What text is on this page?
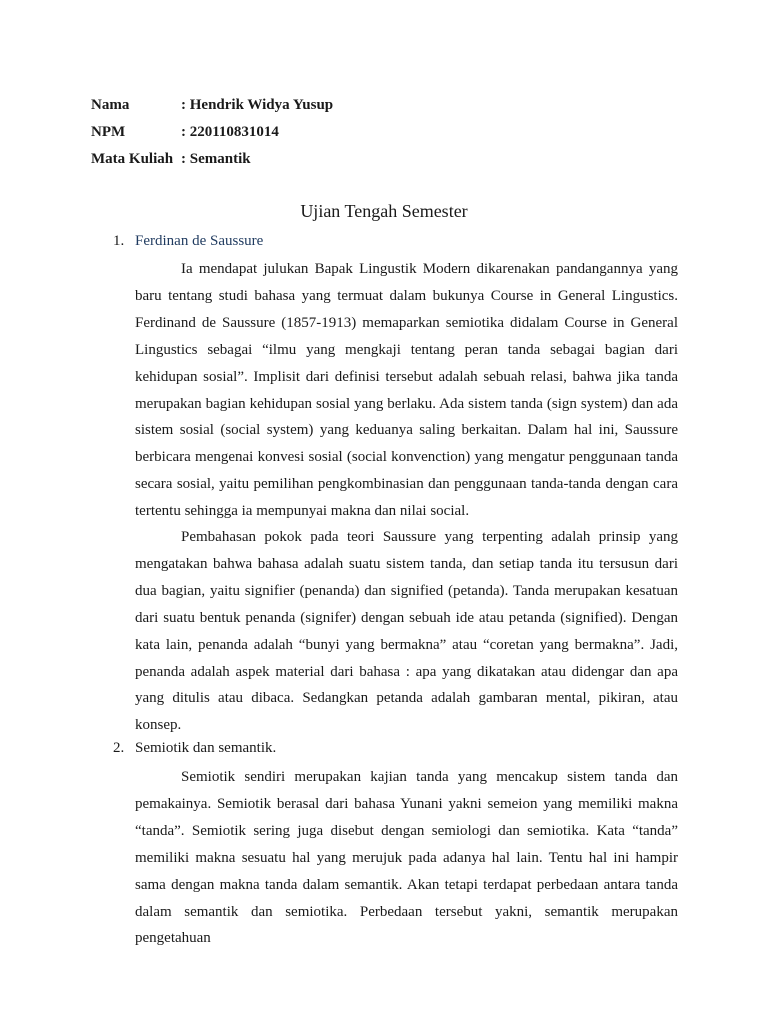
Nama	: Hendrik Widya Yusup
NPM	: 220110831014
Mata Kuliah : Semantik
Ujian Tengah Semester
1. Ferdinan de Saussure

Ia mendapat julukan Bapak Lingustik Modern dikarenakan pandangannya yang baru tentang studi bahasa yang termuat dalam bukunya Course in General Lingustics. Ferdinand de Saussure (1857-1913) memaparkan semiotika didalam Course in General Lingustics sebagai “ilmu yang mengkaji tentang peran tanda sebagai bagian dari kehidupan sosial”. Implisit dari definisi tersebut adalah sebuah relasi, bahwa jika tanda merupakan bagian kehidupan sosial yang berlaku. Ada sistem tanda (sign system) dan ada sistem sosial (social system) yang keduanya saling berkaitan. Dalam hal ini, Saussure berbicara mengenai konvesi sosial (social konvenction) yang mengatur penggunaan tanda secara sosial, yaitu pemilihan pengkombinasian dan penggunaan tanda-tanda dengan cara tertentu sehingga ia mempunyai makna dan nilai social.

Pembahasan pokok pada teori Saussure yang terpenting adalah prinsip yang mengatakan bahwa bahasa adalah suatu sistem tanda, dan setiap tanda itu tersusun dari dua bagian, yaitu signifier (penanda) dan signified (petanda). Tanda merupakan kesatuan dari suatu bentuk penanda (signifer) dengan sebuah ide atau petanda (signified). Dengan kata lain, penanda adalah “bunyi yang bermakna” atau “coretan yang bermakna”. Jadi, penanda adalah aspek material dari bahasa : apa yang dikatakan atau didengar dan apa yang ditulis atau dibaca. Sedangkan petanda adalah gambaran mental, pikiran, atau konsep.

2. Semiotik dan semantik.

Semiotik sendiri merupakan kajian tanda yang mencakup sistem tanda dan pemakainya. Semiotik berasal dari bahasa Yunani yakni semeion yang memiliki makna “tanda”. Semiotik sering juga disebut dengan semiologi dan semiotika. Kata “tanda” memiliki makna sesuatu hal yang merujuk pada adanya hal lain. Tentu hal ini hampir sama dengan makna tanda dalam semantik. Akan tetapi terdapat perbedaan antara tanda dalam semantik dan semiotika. Perbedaan tersebut yakni, semantik merupakan pengetahuan
